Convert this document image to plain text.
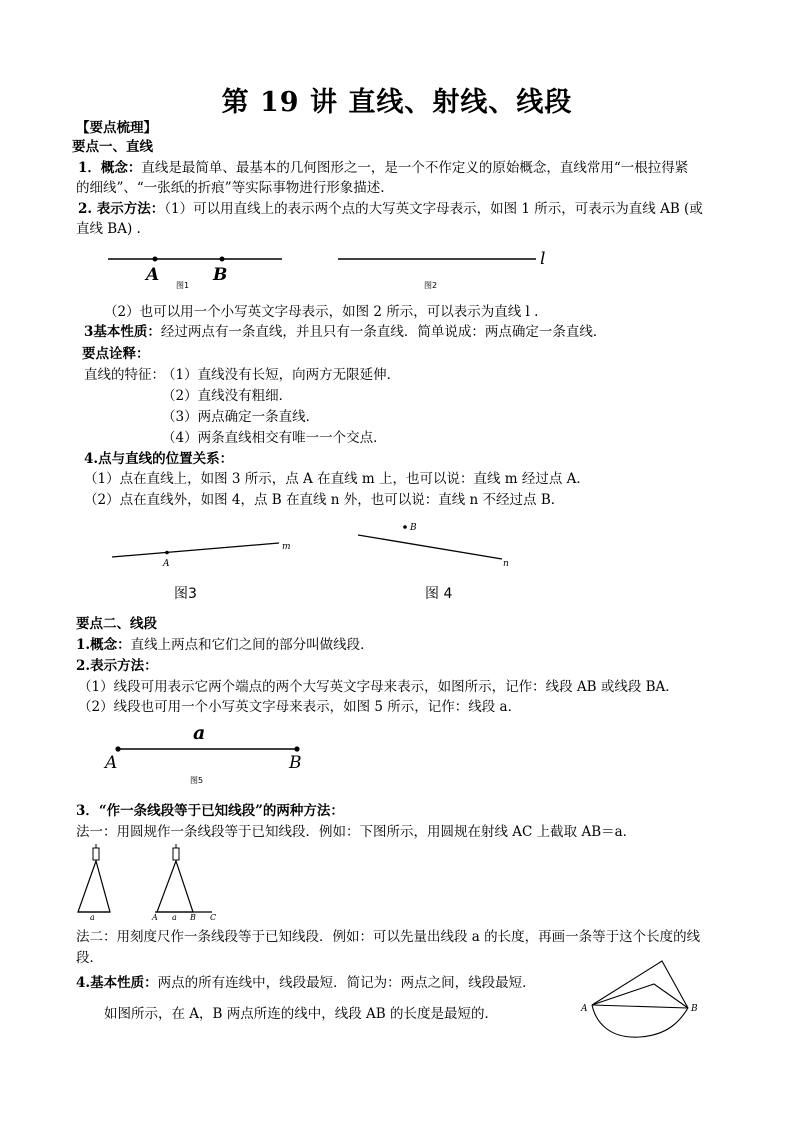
第 19 讲 直线、射线、线段
【要点梳理】
要点一、直线
1．概念：直线是最简单、最基本的几何图形之一，是一个不作定义的原始概念，直线常用“一根拉得紧
的细线”、“一张纸的折痕”等实际事物进行形象描述.
2. 表示方法：（1）可以用直线上的表示两个点的大写英文字母表示，如图 1 所示，可表示为直线 AB (或
直线 BA) .
A	B
图1
l
图2
（2）也可以用一个小写英文字母表示，如图 2 所示，可以表示为直线 l .
3基本性质：经过两点有一条直线，并且只有一条直线．简单说成：两点确定一条直线．
要点诠释：
直线的特征：
（1）直线没有长短，向两方无限延伸．
（2）直线没有粗细．
（3）两点确定一条直线．
（4）两条直线相交有唯一一个交点．
4.点与直线的位置关系：
（1）点在直线上，如图 3 所示，点 A 在直线 m 上，也可以说：直线 m 经过点 A．
（2）点在直线外，如图 4，点 B 在直线 n 外，也可以说：直线 n 不经过点 B．
A
m
图3
B
n
图 4
要点二、线段
1.概念：直线上两点和它们之间的部分叫做线段．
2.表示方法：
（1）线段可用表示它两个端点的两个大写英文字母来表示，如图所示，记作：线段 AB 或线段 BA．
（2）线段也可用一个小写英文字母来表示，如图 5 所示，记作：线段 a．
a
A	B
图5
3．“作一条线段等于已知线段”的两种方法：
法一：用圆规作一条线段等于已知线段．例如：下图所示，用圆规在射线 AC 上截取 AB＝a．
a	A a B C
法二：用刻度尺作一条线段等于已知线段．例如：可以先量出线段 a 的长度，再画一条等于这个长度的线
段．
4.基本性质：两点的所有连线中，线段最短．简记为：两点之间，线段最短．
如图所示，在 A，B 两点所连的线中，线段 AB 的长度是最短的．	A	B
